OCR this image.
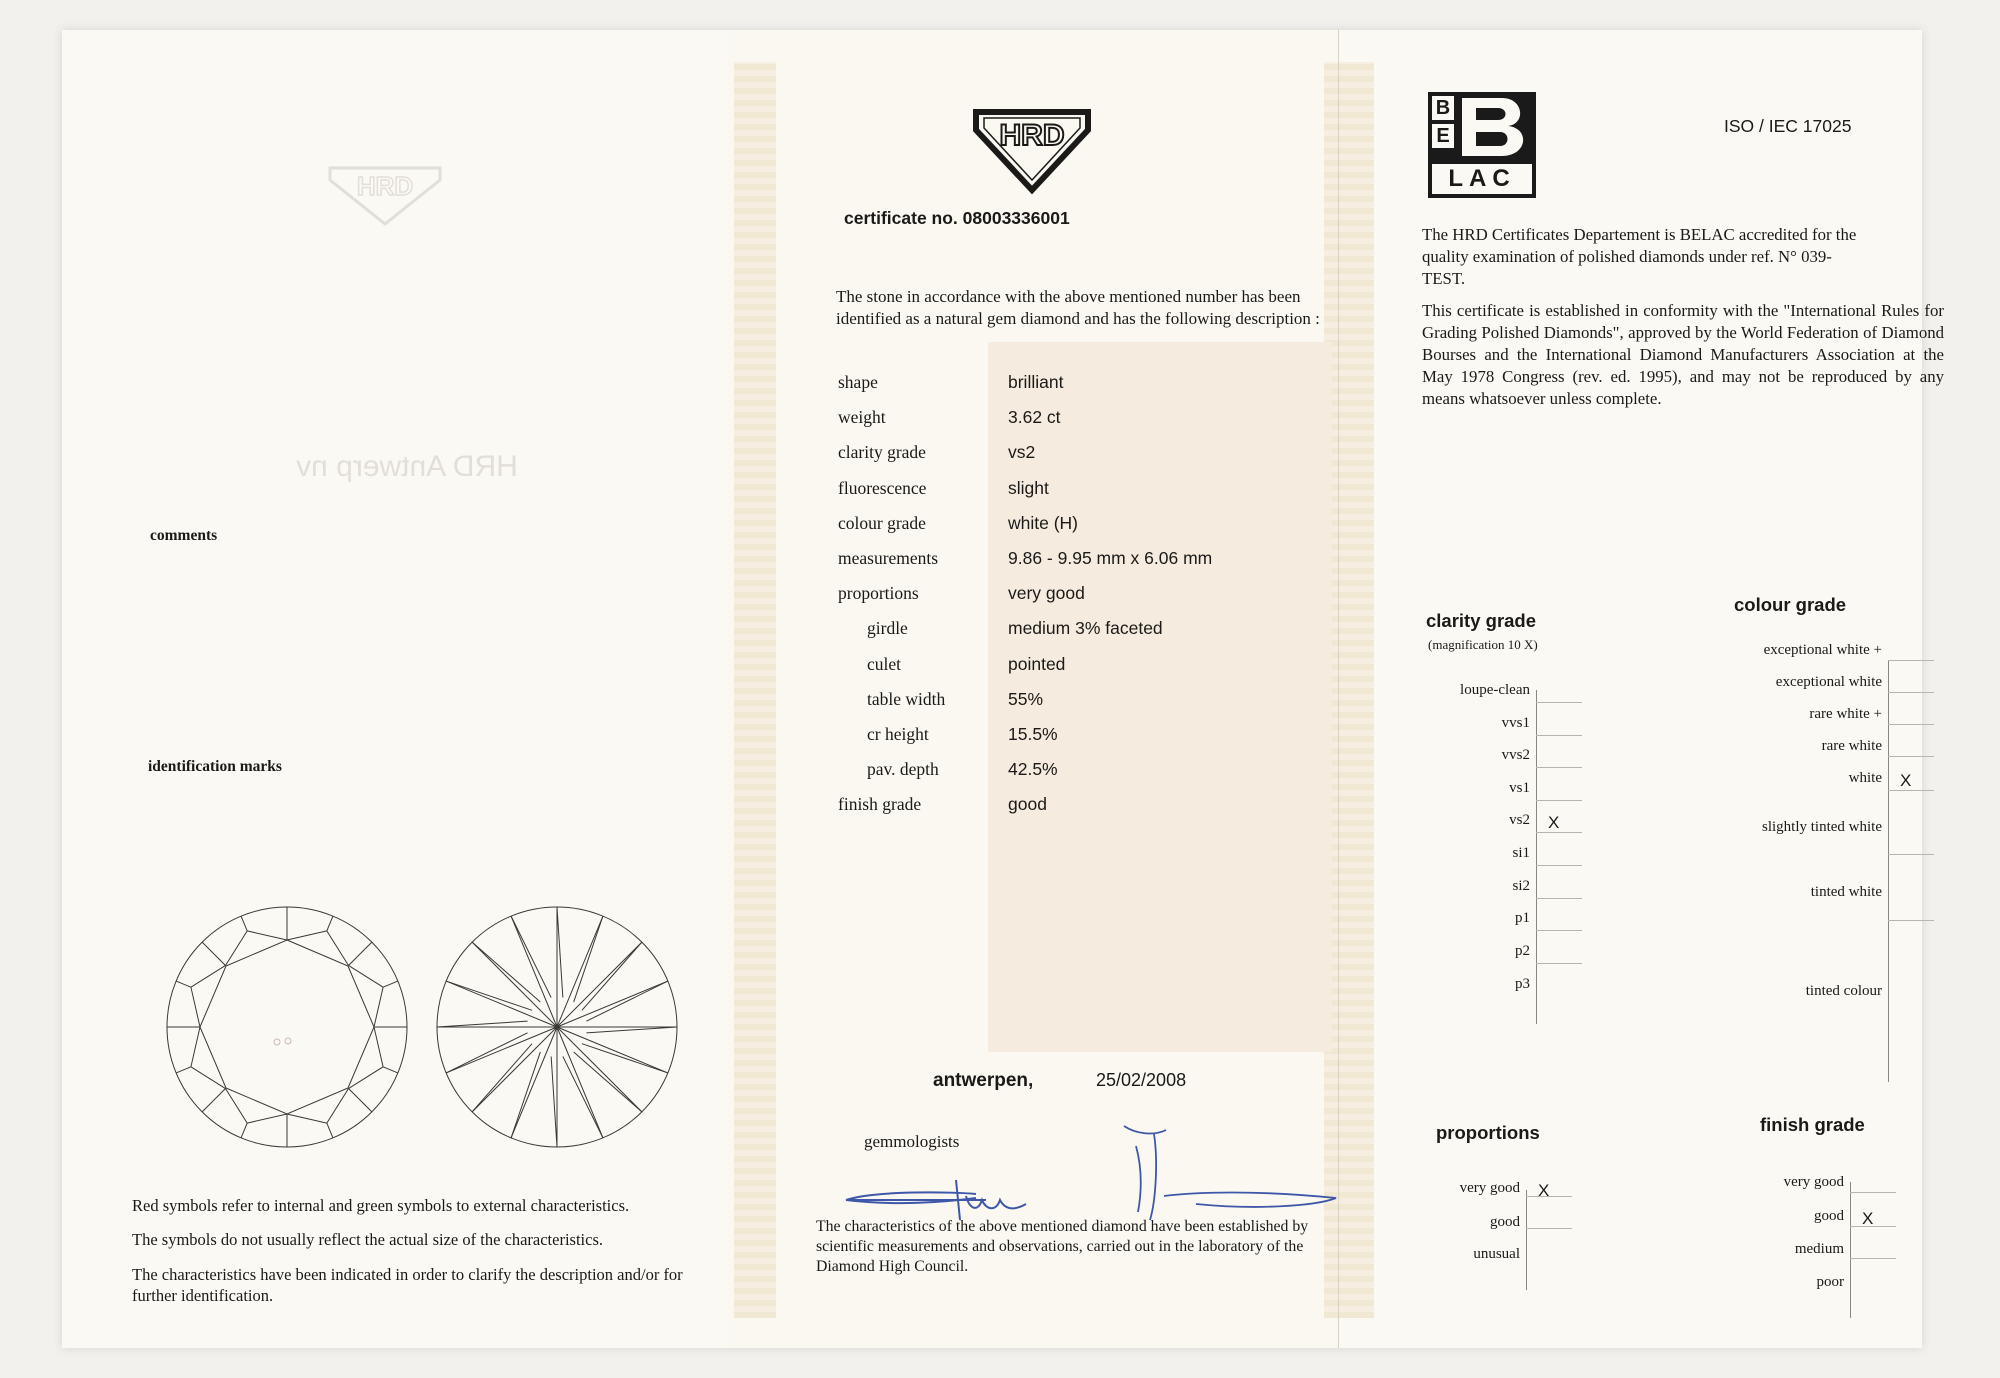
HRD
HRD Antwerp nv
comments
identification marks
Red symbols refer to internal and green symbols to external characteristics.
The symbols do not usually reflect the actual size of the characteristics.
The characteristics have been indicated in order to clarify the description and/or for further identification.
HRD
certificate no. 08003336001
The stone in accordance with the above mentioned number has been identified as a natural gem diamond and has the following description :
shape	brilliant
weight	3.62 ct
clarity grade	vs2
fluorescence	slight
colour grade	white (H)
measurements	9.86 - 9.95 mm x 6.06 mm
proportions	very good
girdle	medium 3% faceted
culet	pointed
table width	55%
cr height	15.5%
pav. depth	42.5%
finish grade	good
antwerpen,	25/02/2008
gemmologists
The characteristics of the above mentioned diamond have been established by scientific measurements and observations, carried out in the laboratory of the Diamond High Council.
B
E
LAC
ISO / IEC 17025
The HRD Certificates Departement is BELAC accredited for the quality examination of polished diamonds under ref. N° 039-TEST.
This certificate is established in conformity with the "International Rules for Grading Polished Diamonds", approved by the World Federation of Diamond Bourses and the International Diamond Manufacturers Association at the May 1978 Congress (rev. ed. 1995), and may not be reproduced by any means whatsoever unless complete.
clarity grade
(magnification 10 X)
colour grade
proportions	finish grade
loupe-clean
vvs1
vvs2
vs1
vs2 X
si1
si2
p1
p2
p3
exceptional white +
exceptional white
rare white +
rare white
white X
slightly tinted white
tinted white
tinted colour
very good X
good
unusual
very good
good X
medium
poor
